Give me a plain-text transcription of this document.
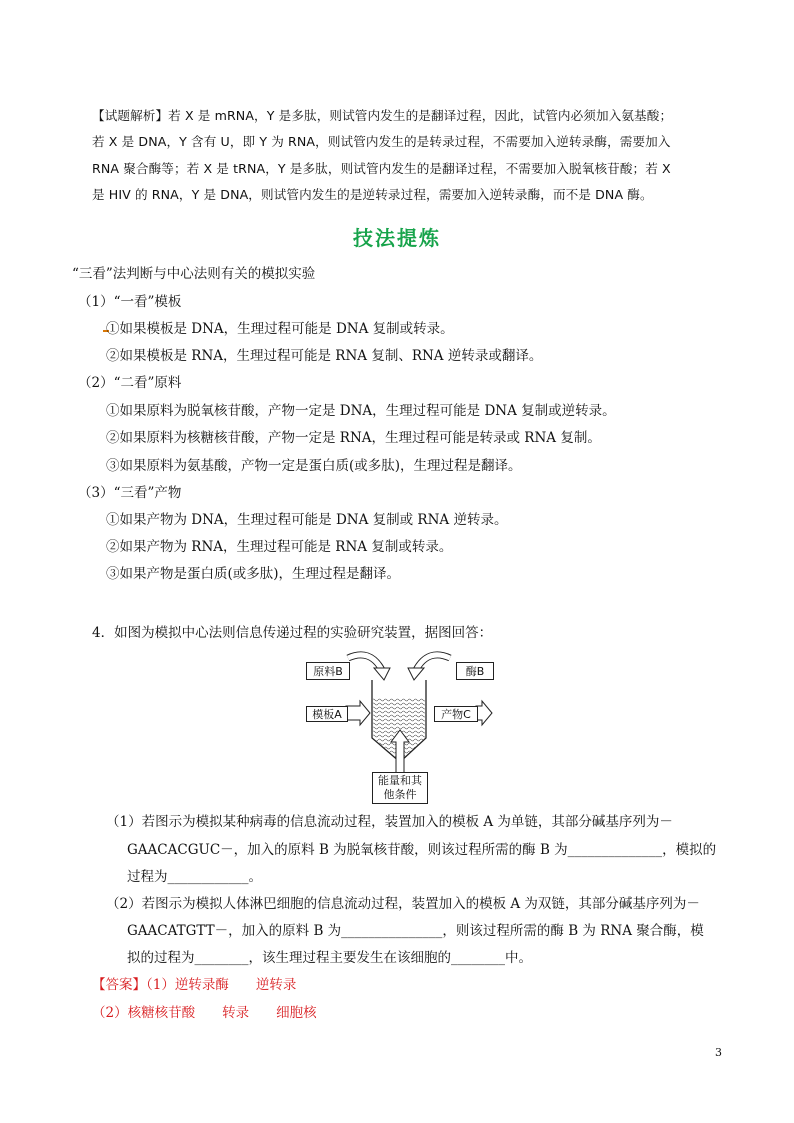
【试题解析】若 X 是 mRNA，Y 是多肽，则试管内发生的是翻译过程，因此，试管内必须加入氨基酸；
若 X 是 DNA，Y 含有 U，即 Y 为 RNA，则试管内发生的是转录过程，不需要加入逆转录酶，需要加入
RNA 聚合酶等；若 X 是 tRNA，Y 是多肽，则试管内发生的是翻译过程，不需要加入脱氧核苷酸；若 X
是 HIV 的 RNA，Y 是 DNA，则试管内发生的是逆转录过程，需要加入逆转录酶，而不是 DNA 酶。
技法提炼
“三看”法判断与中心法则有关的模拟实验
（1）“一看”模板
①如果模板是 DNA，生理过程可能是 DNA 复制或转录。
②如果模板是 RNA，生理过程可能是 RNA 复制、RNA 逆转录或翻译。
（2）“二看”原料
①如果原料为脱氧核苷酸，产物一定是 DNA，生理过程可能是 DNA 复制或逆转录。
②如果原料为核糖核苷酸，产物一定是 RNA，生理过程可能是转录或 RNA 复制。
③如果原料为氨基酸，产物一定是蛋白质(或多肽)，生理过程是翻译。
（3）“三看”产物
①如果产物为 DNA，生理过程可能是 DNA 复制或 RNA 逆转录。
②如果产物为 RNA，生理过程可能是 RNA 复制或转录。
③如果产物是蛋白质(或多肽)，生理过程是翻译。
4．如图为模拟中心法则信息传递过程的实验研究装置，据图回答：
原料B	酶B
模板A	产物C
能量和其
他条件
（1）若图示为模拟某种病毒的信息流动过程，装置加入的模板 A 为单链，其部分碱基序列为－
GAACACGUC－，加入的原料 B 为脱氧核苷酸，则该过程所需的酶 B 为______________，模拟的
过程为____________。
（2）若图示为模拟人体淋巴细胞的信息流动过程，装置加入的模板 A 为双链，其部分碱基序列为－
GAACATGTT－，加入的原料 B 为_______________，则该过程所需的酶 B 为 RNA 聚合酶，模
拟的过程为________，该生理过程主要发生在该细胞的________中。
【答案】（1）逆转录酶　　逆转录
（2）核糖核苷酸　　转录　　细胞核
3
